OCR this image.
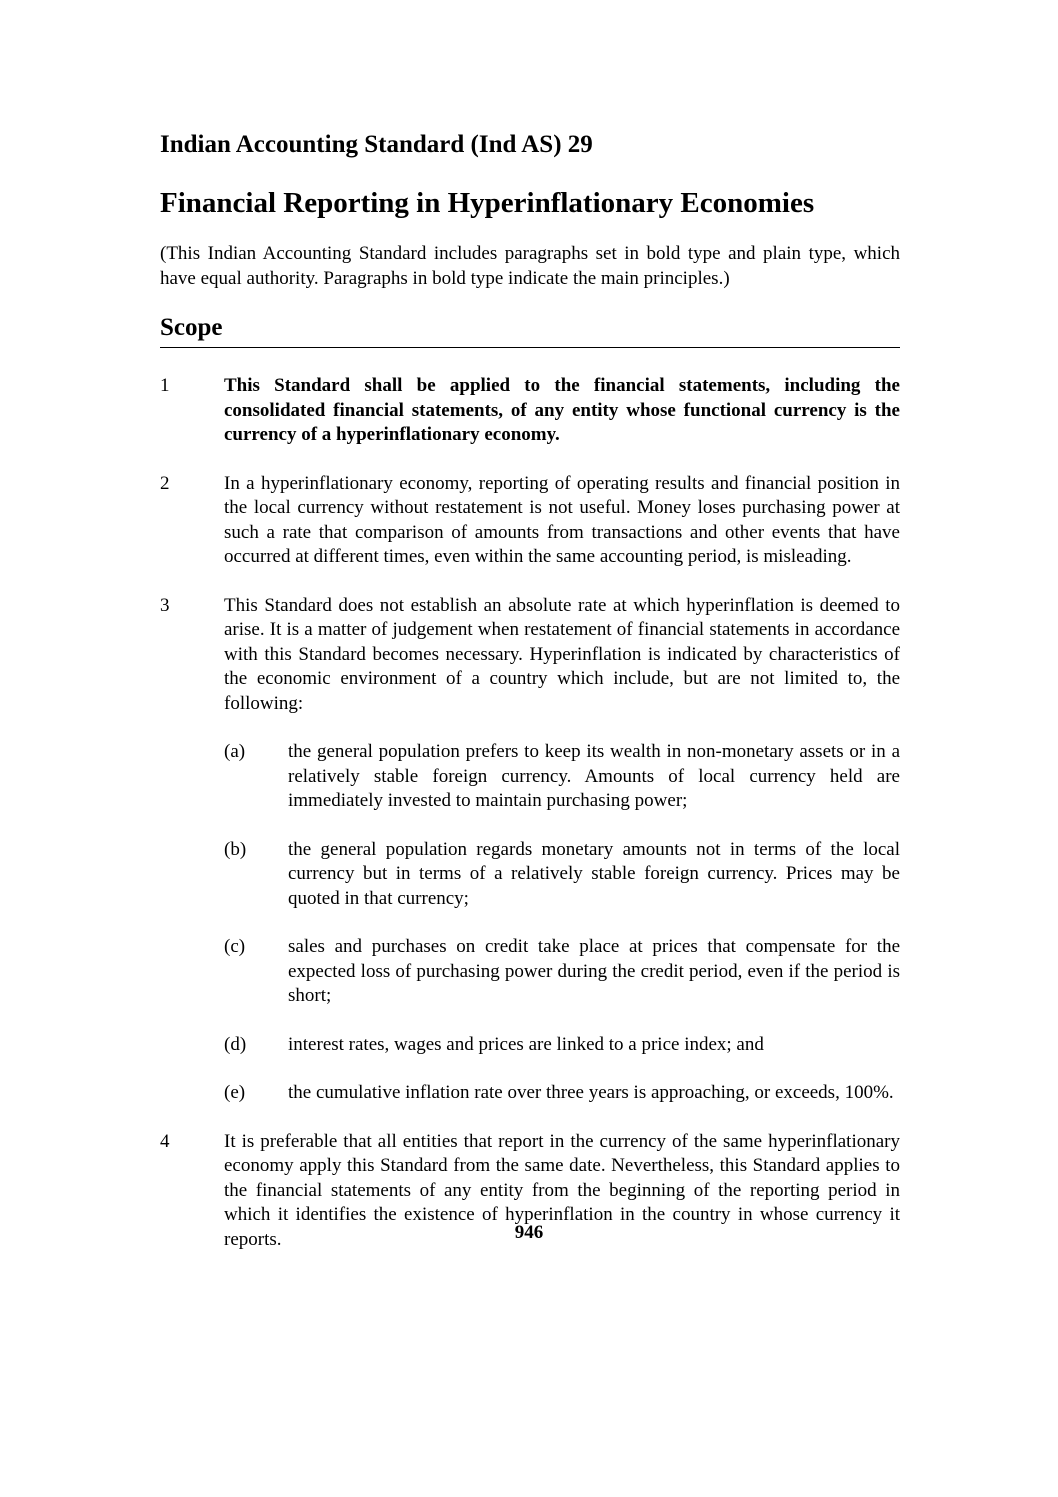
Indian Accounting Standard (Ind AS) 29
Financial Reporting in Hyperinflationary Economies

(This Indian Accounting Standard includes paragraphs set in bold type and plain type, which have equal authority. Paragraphs in bold type indicate the main principles.)

Scope
1	This Standard shall be applied to the financial statements, including the consolidated financial statements, of any entity whose functional currency is the currency of a hyperinflationary economy.
2	In a hyperinflationary economy, reporting of operating results and financial position in the local currency without restatement is not useful. Money loses purchasing power at such a rate that comparison of amounts from transactions and other events that have occurred at different times, even within the same accounting period, is misleading.
3	This Standard does not establish an absolute rate at which hyperinflation is deemed to arise. It is a matter of judgement when restatement of financial statements in accordance with this Standard becomes necessary. Hyperinflation is indicated by characteristics of the economic environment of a country which include, but are not limited to, the following:
(a)	the general population prefers to keep its wealth in non-monetary assets or in a relatively stable foreign currency. Amounts of local currency held are immediately invested to maintain purchasing power;
(b)	the general population regards monetary amounts not in terms of the local currency but in terms of a relatively stable foreign currency. Prices may be quoted in that currency;
(c)	sales and purchases on credit take place at prices that compensate for the expected loss of purchasing power during the credit period, even if the period is short;
(d)	interest rates, wages and prices are linked to a price index; and
(e)	the cumulative inflation rate over three years is approaching, or exceeds, 100%.
4	It is preferable that all entities that report in the currency of the same hyperinflationary economy apply this Standard from the same date. Nevertheless, this Standard applies to the financial statements of any entity from the beginning of the reporting period in which it identifies the existence of hyperinflation in the country in whose currency it reports.	946
